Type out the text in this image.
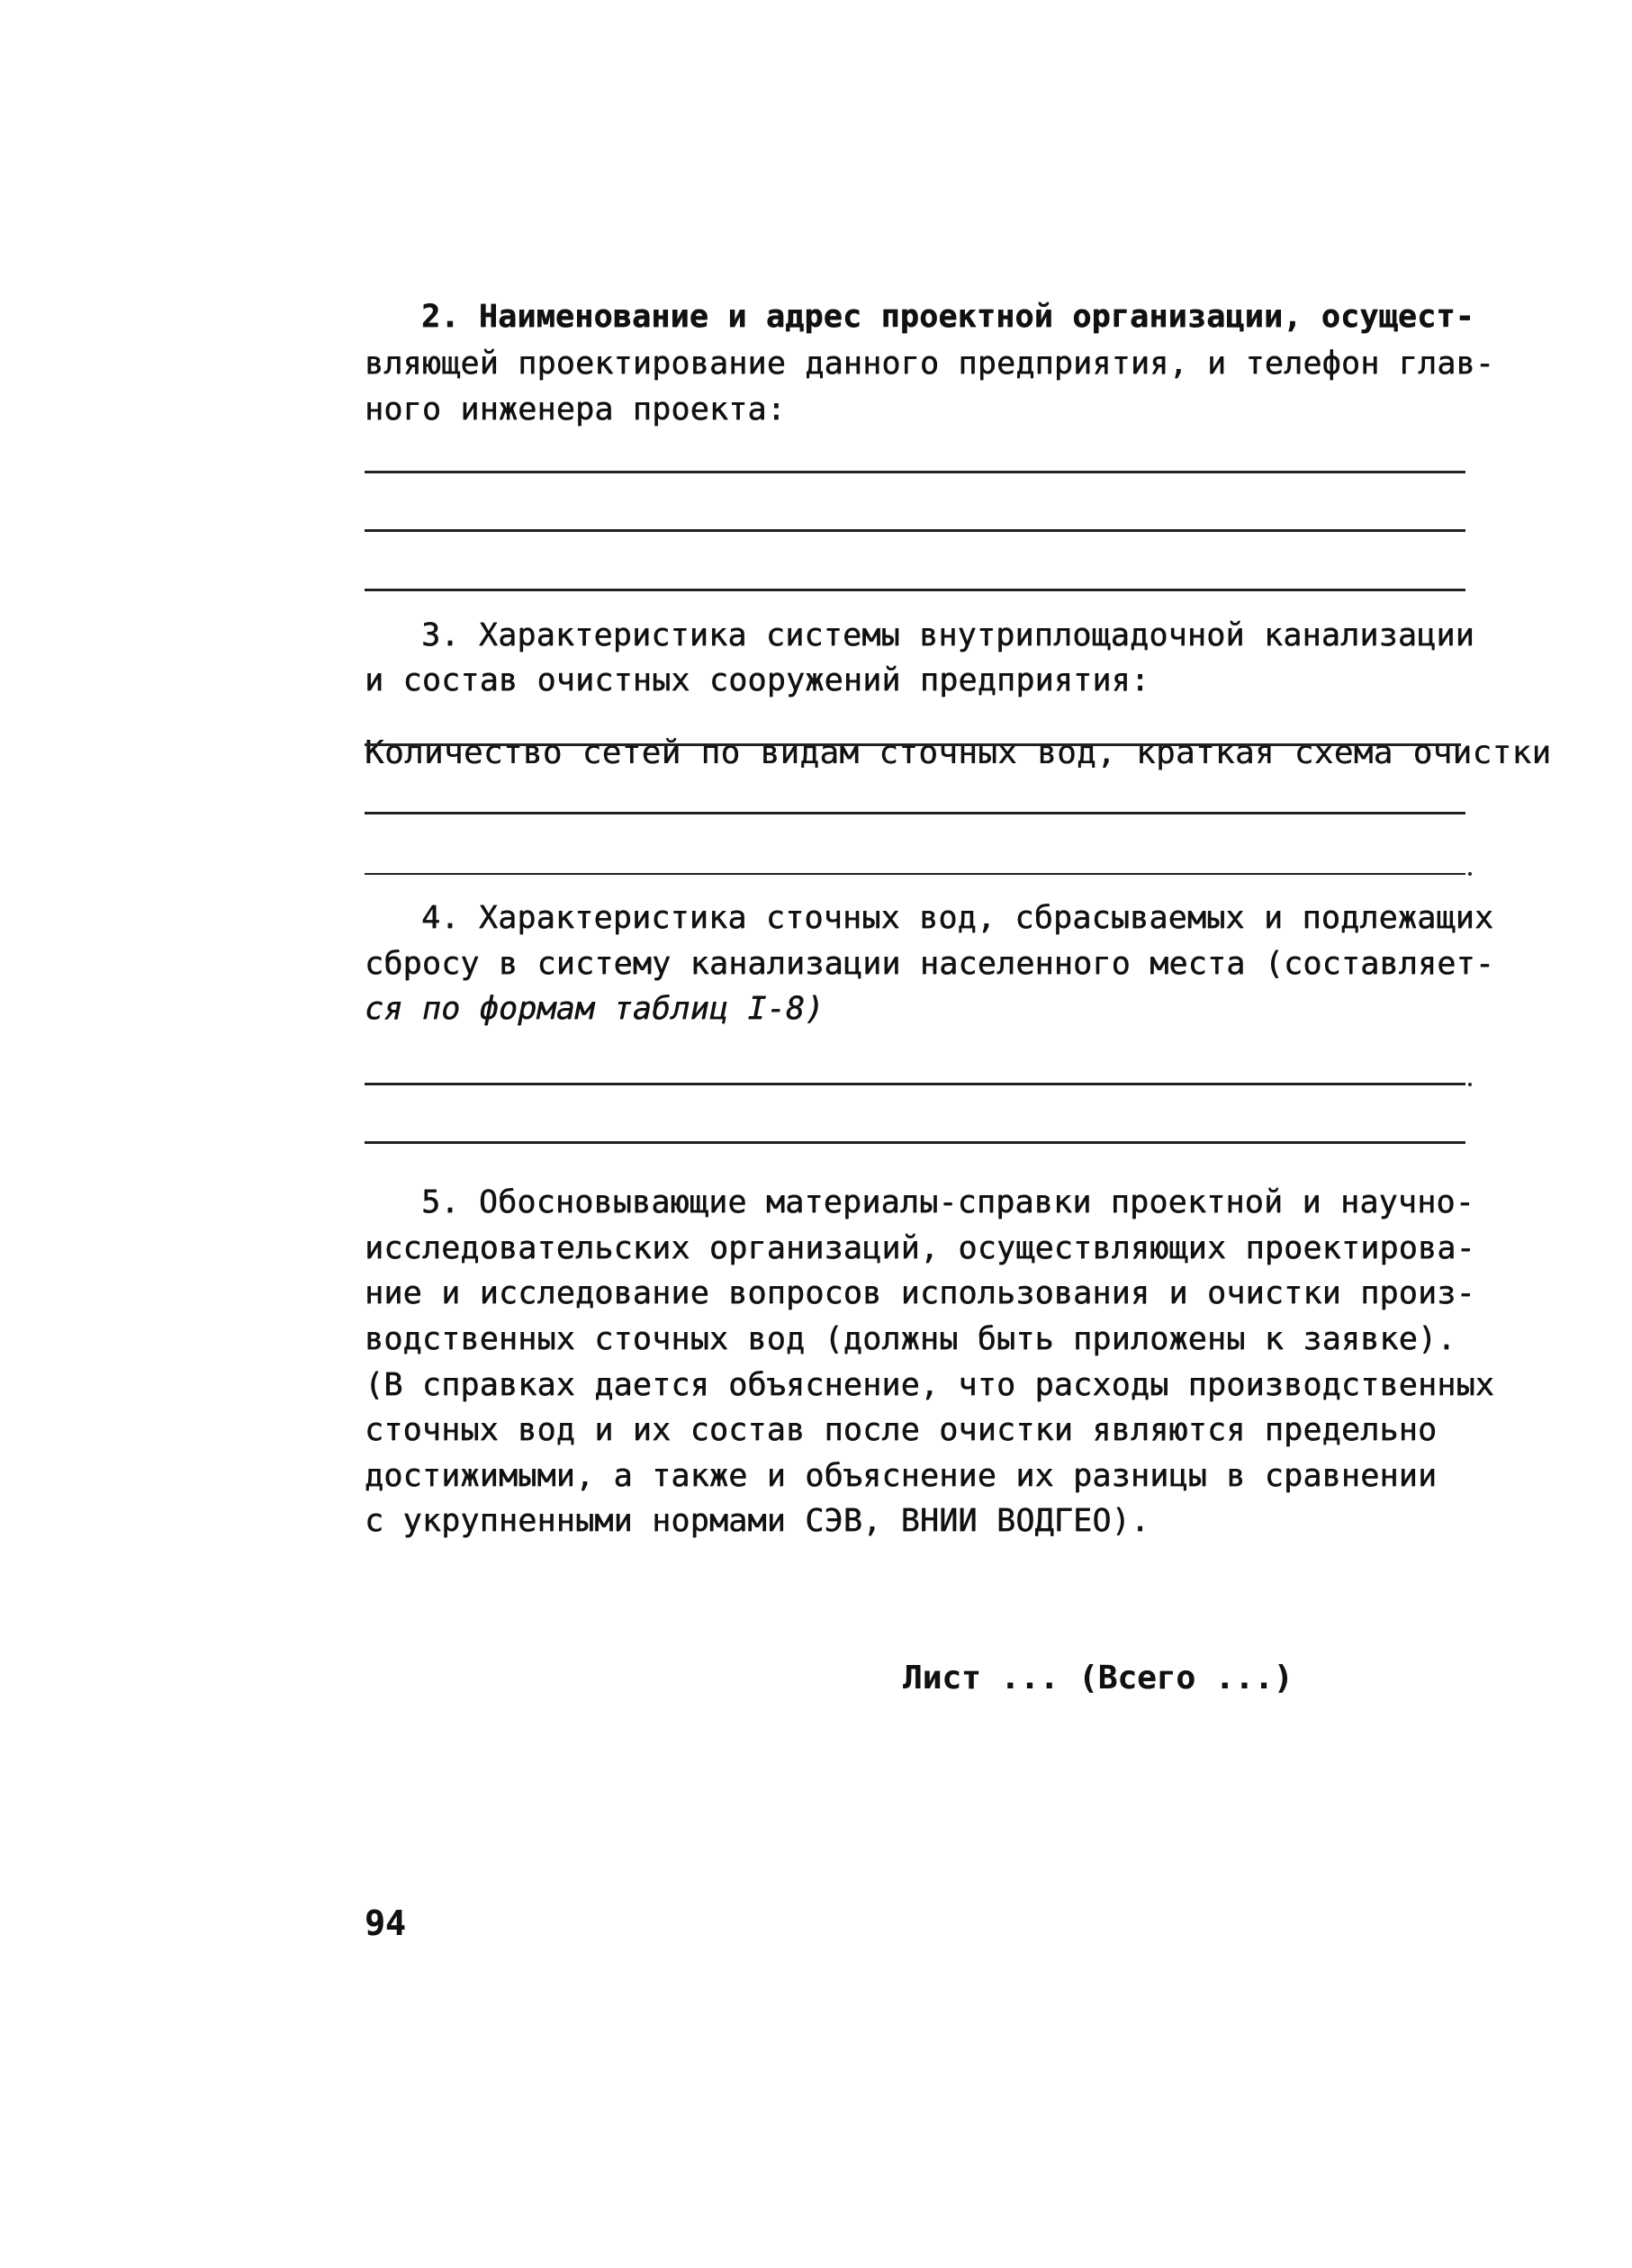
2. Наименование и адрес проектной организации, осущест-

вляющей проектирование данного предприятия, и телефон глав-

ного инженера проекта:

3. Характеристика системы внутриплощадочной канализации

и состав очистных сооружений предприятия:

Количество сетей по видам сточных вод, краткая схема очистки

4. Характеристика сточных вод, сбрасываемых и подлежащих

сбросу в систему канализации населенного места (составляет-

ся по формам таблиц I-8)

5. Обосновывающие материалы-справки проектной и научно-

исследовательских организаций, осуществляющих проектирова-

ние и исследование вопросов использования и очистки произ-

водственных сточных вод (должны быть приложены к заявке).

(В справках дается объяснение, что расходы производственных

сточных вод и их состав после очистки являются предельно

достижимыми, а также и объяснение их разницы в сравнении

с укрупненными нормами СЭВ, ВНИИ ВОДГЕО).

Лист ... (Всего ...)
94
